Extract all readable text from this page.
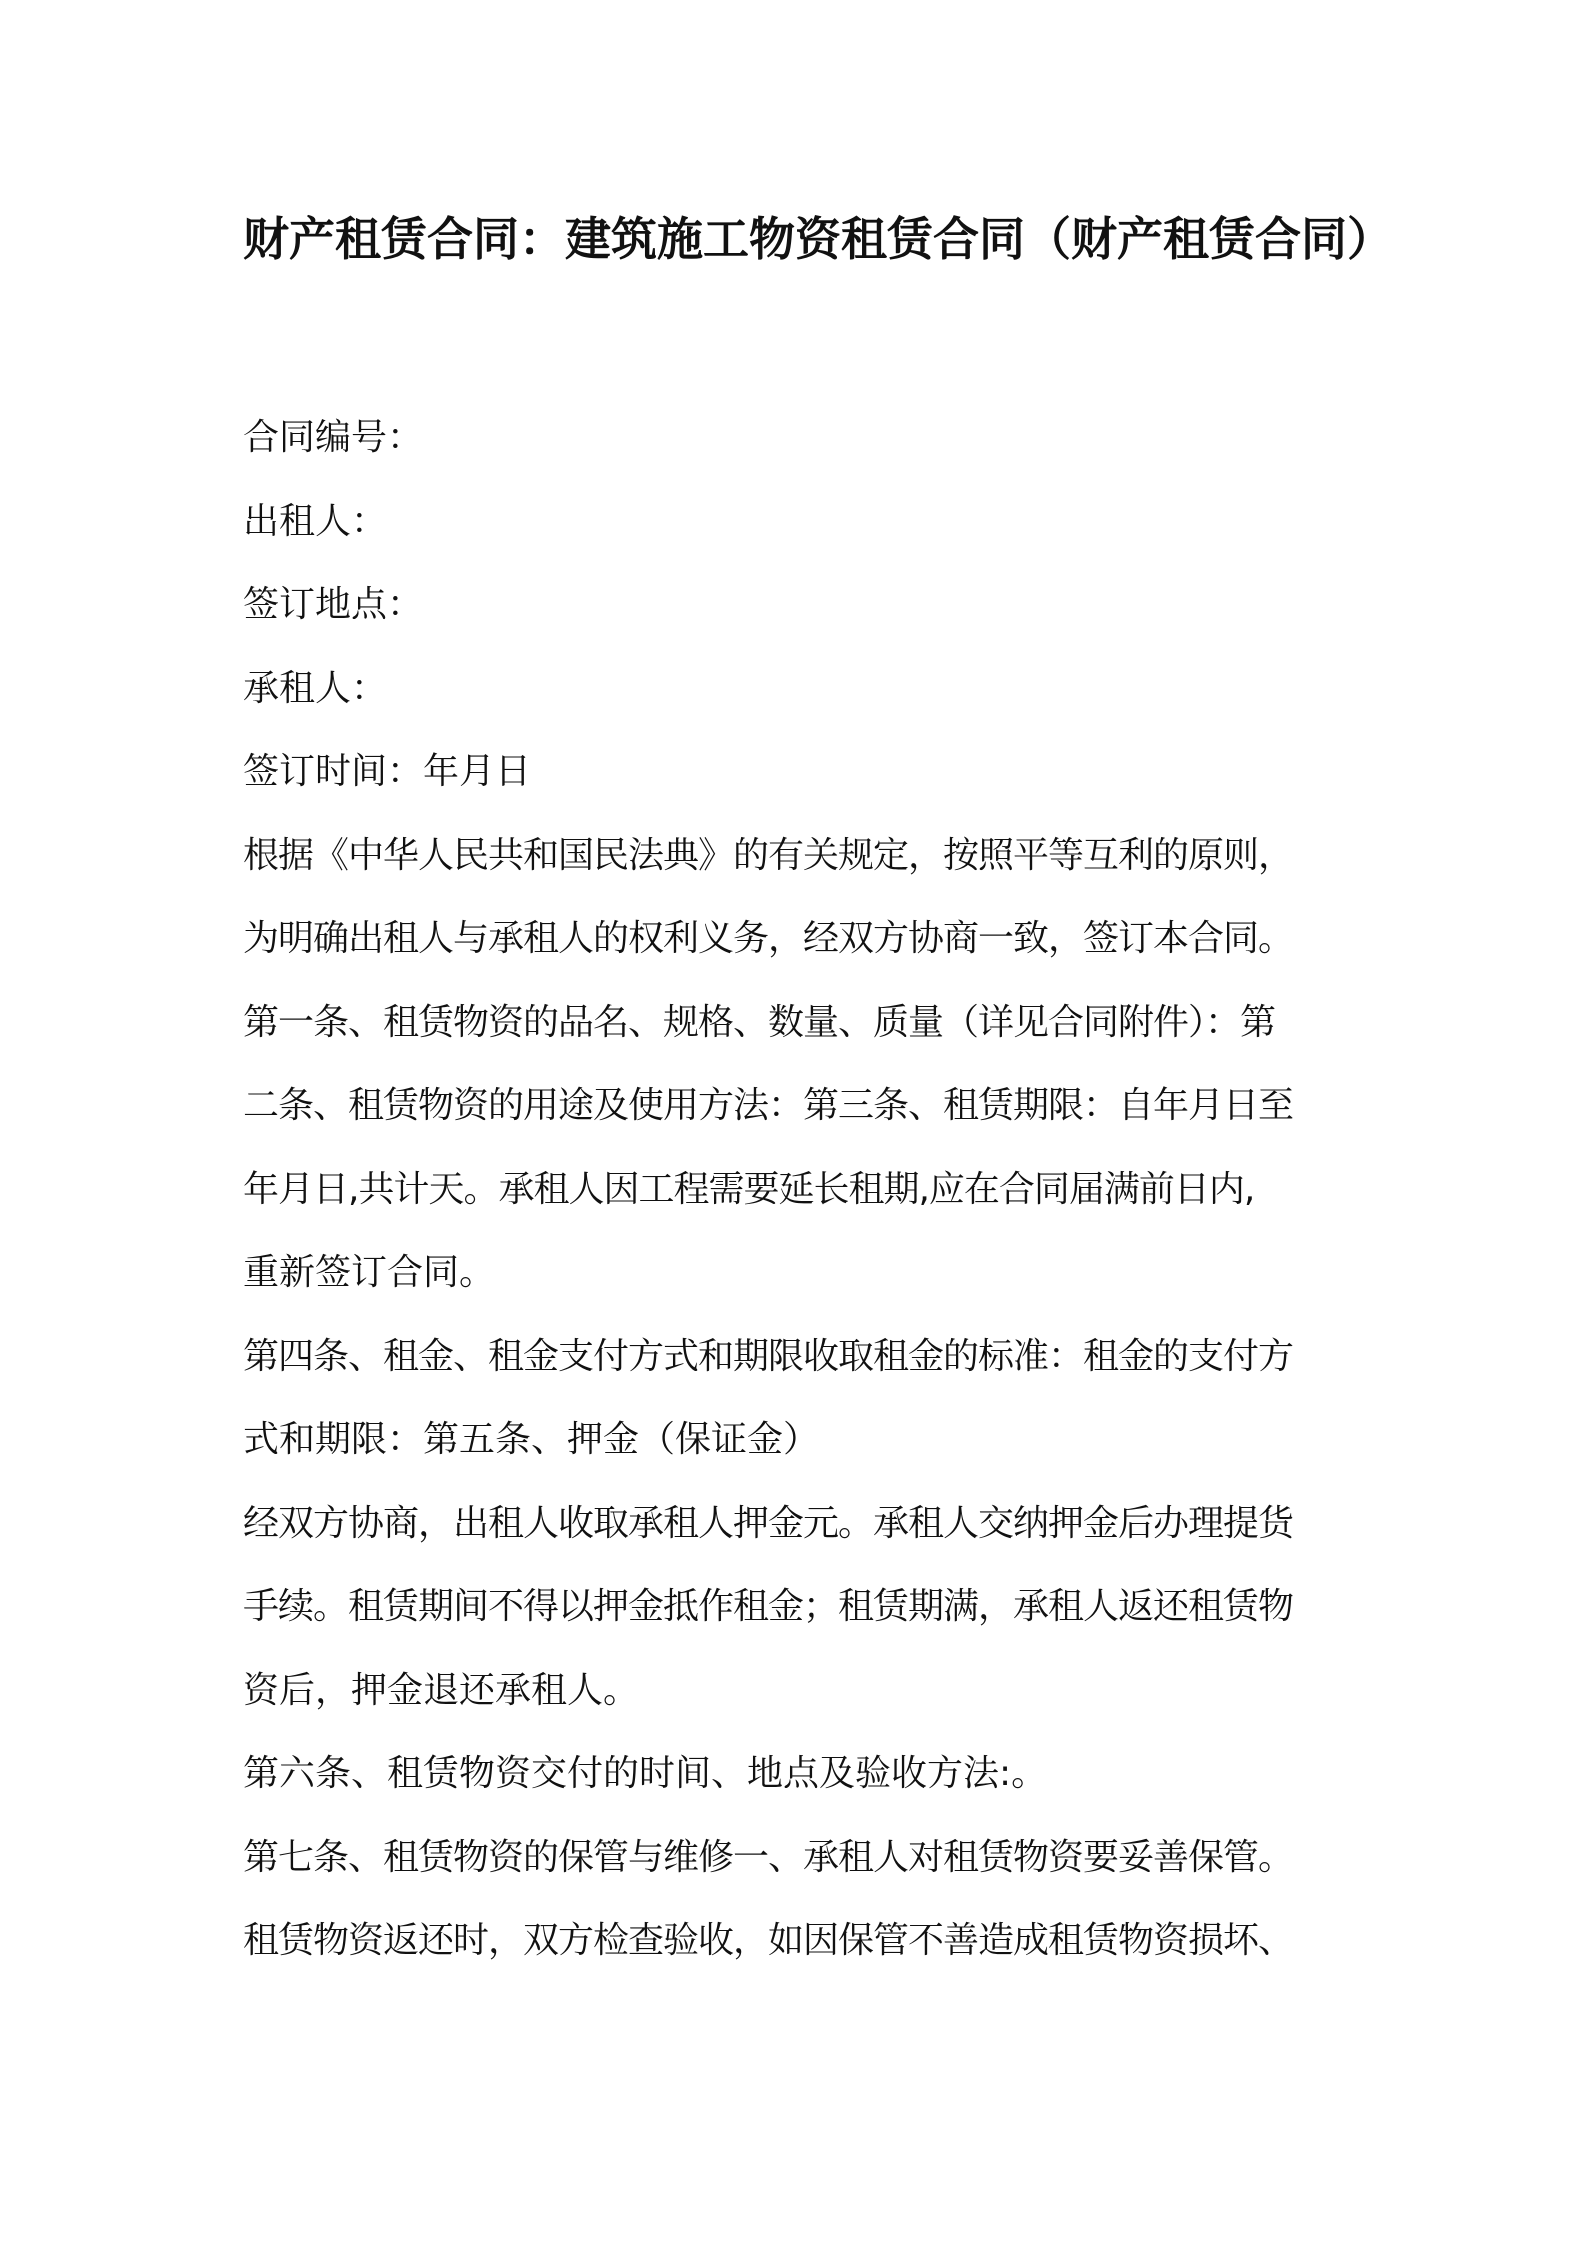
财产租赁合同：建筑施工物资租赁合同（财产租赁合同）

合同编号：

出租人：

签订地点：

承租人：

签订时间：年月日

根据《中华人民共和国民法典》的有关规定，按照平等互利的原则，

为明确出租人与承租人的权利义务，经双方协商一致，签订本合同。

第一条、租赁物资的品名、规格、数量、质量（详见合同附件）：第

二条、租赁物资的用途及使用方法：第三条、租赁期限：自年月日至

年月日,共计天。承租人因工程需要延长租期,应在合同届满前日内,

重新签订合同。

第四条、租金、租金支付方式和期限收取租金的标准：租金的支付方

式和期限：第五条、押金（保证金）

经双方协商，出租人收取承租人押金元。承租人交纳押金后办理提货

手续。租赁期间不得以押金抵作租金；租赁期满，承租人返还租赁物

资后，押金退还承租人。

第六条、租赁物资交付的时间、地点及验收方法:。

第七条、租赁物资的保管与维修一、承租人对租赁物资要妥善保管。

租赁物资返还时，双方检查验收，如因保管不善造成租赁物资损坏、
